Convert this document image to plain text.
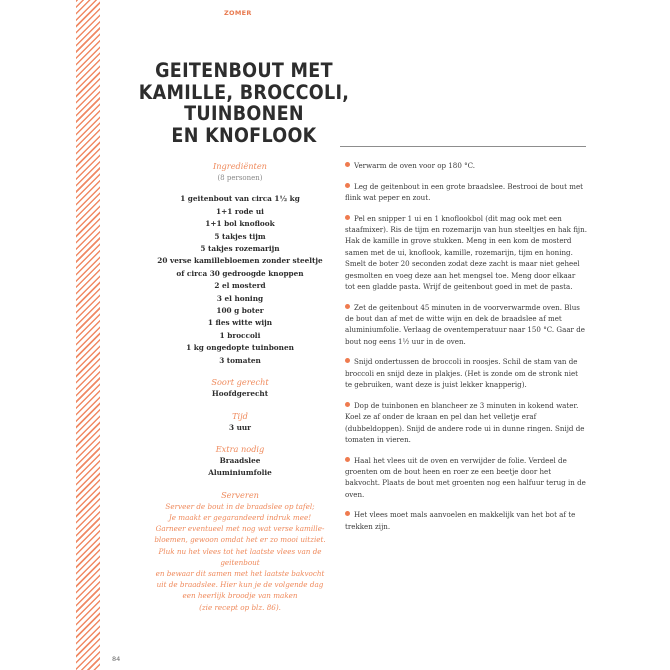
ZOMER
GEITENBOUT MET
KAMILLE, BROCCOLI,
TUINBONEN
EN KNOFLOOK
Ingrediënten
(8 personen)
1 geitenbout van circa 1½ kg
1+1 rode ui
1+1 bol knoflook
5 takjes tijm
5 takjes rozemarijn
20 verse kamillebloemen zonder steeltje
of circa 30 gedroogde knoppen
2 el mosterd
3 el honing
100 g boter
1 fles witte wijn
1 broccoli
1 kg ongedopte tuinbonen
3 tomaten
Soort gerecht
Hoofdgerecht
Tijd
3 uur
Extra nodig
Braadslee
Aluminiumfolie
Serveren
Serveer de bout in de braadslee op tafel;
Je maakt er gegarandeerd indruk mee!
Garneer eventueel met nog wat verse kamille-
bloemen, gewoon omdat het er zo mooi uitziet.
Pluk nu het vlees tot het laatste vlees van de geitenbout
en bewaar dit samen met het laatste bakvocht
uit de braadslee. Hier kun je de volgende dag
een heerlijk broodje van maken
(zie recept op blz. 86).

Verwarm de oven voor op 180 °C.

Leg de geitenbout in een grote braadslee. Bestrooi de bout met flink wat peper en zout.

Pel en snipper 1 ui en 1 knoflookbol (dit mag ook met een staafmixer). Ris de tijm en rozemarijn van hun steeltjes en hak fijn. Hak de kamille in grove stukken. Meng in een kom de mosterd samen met de ui, knoflook, kamille, rozemarijn, tijm en honing. Smelt de boter 20 seconden zodat deze zacht is maar niet geheel gesmolten en voeg deze aan het mengsel toe. Meng door elkaar tot een gladde pasta. Wrijf de geitenbout goed in met de pasta.

Zet de geitenbout 45 minuten in de voorverwarmde oven. Blus de bout dan af met de witte wijn en dek de braadslee af met aluminiumfolie. Verlaag de oventemperatuur naar 150 °C. Gaar de bout nog eens 1½ uur in de oven.

Snijd ondertussen de broccoli in roosjes. Schil de stam van de broccoli en snijd deze in plakjes. (Het is zonde om de stronk niet te gebruiken, want deze is juist lekker knapperig).

Dop de tuinbonen en blancheer ze 3 minuten in kokend water. Koel ze af onder de kraan en pel dan het velletje eraf (dubbeldoppen). Snijd de andere rode ui in dunne ringen. Snijd de tomaten in vieren.

Haal het vlees uit de oven en verwijder de folie. Verdeel de groenten om de bout heen en roer ze een beetje door het bakvocht. Plaats de bout met groenten nog een halfuur terug in de oven.

Het vlees moet mals aanvoelen en makkelijk van het bot af te trekken zijn.

84
